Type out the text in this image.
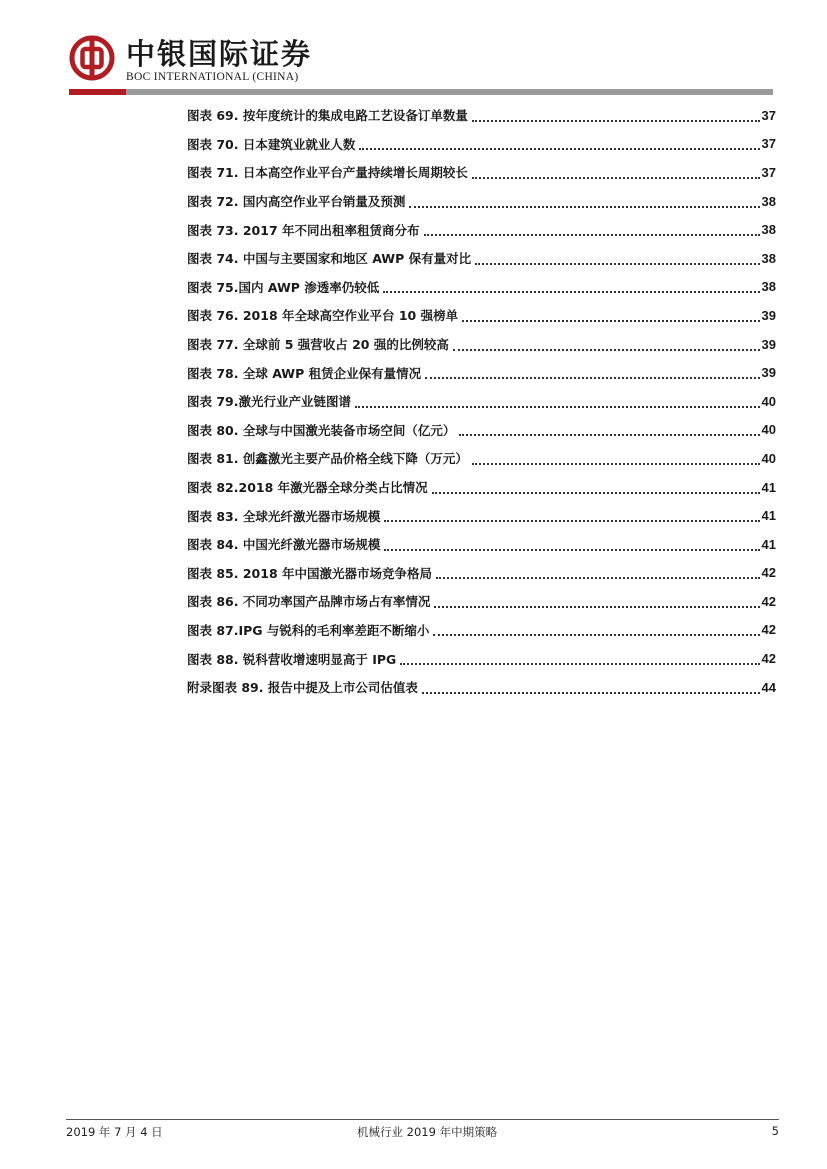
中银国际证券
BOC INTERNATIONAL (CHINA)
图表 69. 按年度统计的集成电路工艺设备订单数量	37
图表 70. 日本建筑业就业人数	37
图表 71. 日本高空作业平台产量持续增长周期较长	37
图表 72. 国内高空作业平台销量及预测	38
图表 73. 2017 年不同出租率租赁商分布	38
图表 74. 中国与主要国家和地区 AWP 保有量对比	38
图表 75.国内 AWP 渗透率仍较低	38
图表 76. 2018 年全球高空作业平台 10 强榜单	39
图表 77. 全球前 5 强营收占 20 强的比例较高	39
图表 78. 全球 AWP 租赁企业保有量情况	39
图表 79.激光行业产业链图谱	40
图表 80. 全球与中国激光装备市场空间（亿元）	40
图表 81. 创鑫激光主要产品价格全线下降（万元）	40
图表 82.2018 年激光器全球分类占比情况	41
图表 83. 全球光纤激光器市场规模	41
图表 84. 中国光纤激光器市场规模	41
图表 85. 2018 年中国激光器市场竞争格局	42
图表 86. 不同功率国产品牌市场占有率情况	42
图表 87.IPG 与锐科的毛利率差距不断缩小	42
图表 88. 锐科营收增速明显高于 IPG	42
附录图表 89. 报告中提及上市公司估值表	44
2019 年 7 月 4 日	机械行业 2019 年中期策略	5
